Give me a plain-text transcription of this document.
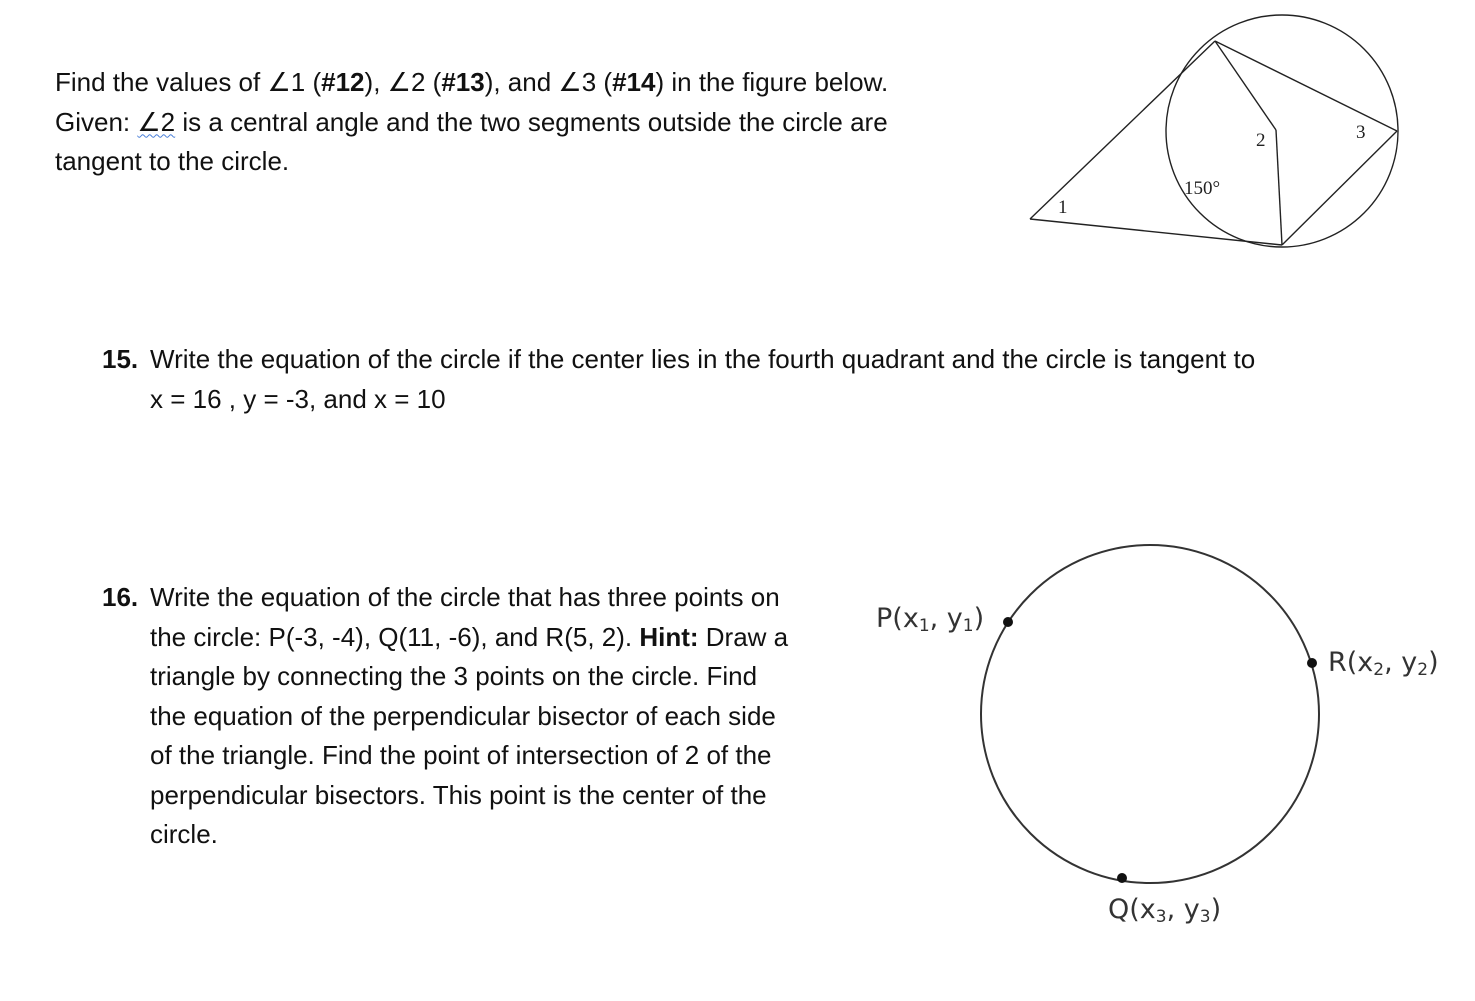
Find the values of ∠1 (#12), ∠2 (#13), and ∠3 (#14) in the figure below.
Given: ∠2 is a central angle and the two segments outside the circle are
tangent to the circle.
1
2	3
150°
15. Write the equation of the circle if the center lies in the fourth quadrant and the circle is tangent to
x = 16 , y = -3, and x = 10
16. Write the equation of the circle that has three points on
the circle: P(-3, -4), Q(11, -6), and R(5, 2). Hint: Draw a
triangle by connecting the 3 points on the circle. Find
the equation of the perpendicular bisector of each side
of the triangle. Find the point of intersection of 2 of the
perpendicular bisectors. This point is the center of the
circle.
P(x1, y1)
R(x2, y2)
Q(x3, y3)
